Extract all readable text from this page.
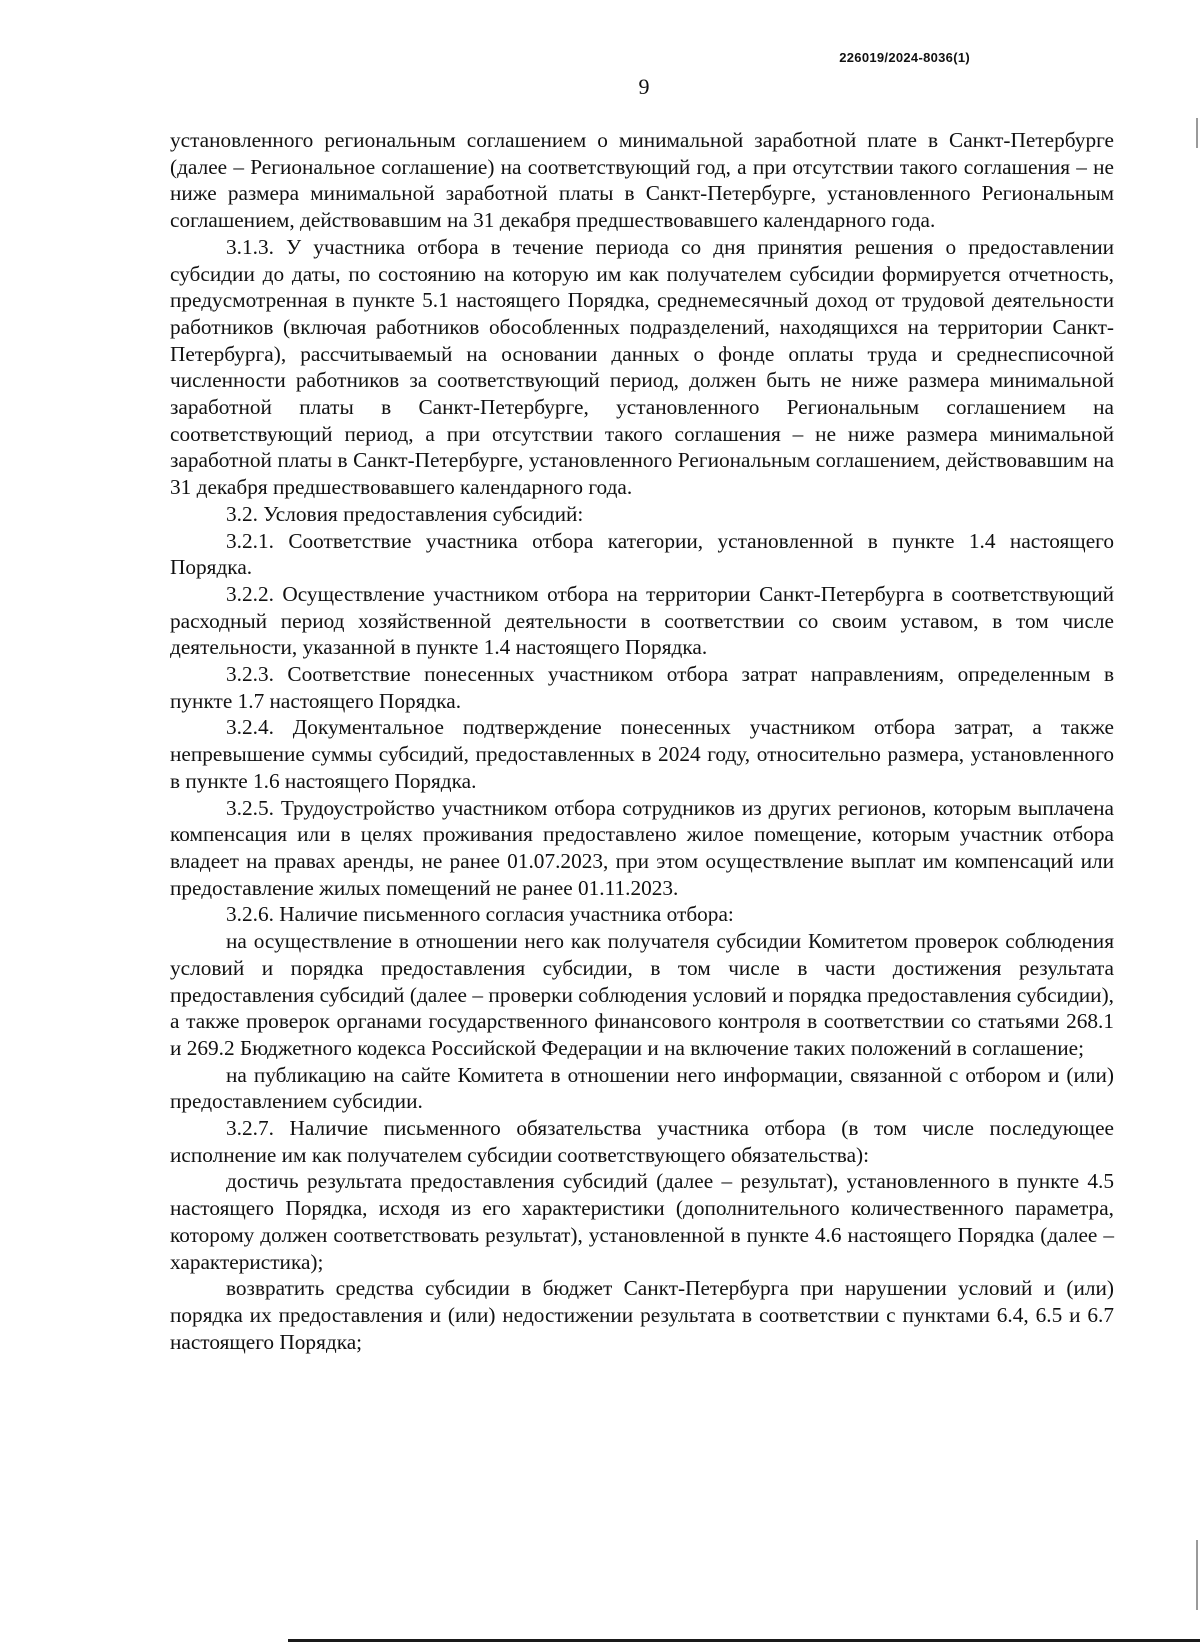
226019/2024-8036(1)
9

установленного региональным соглашением о минимальной заработной плате в Санкт-Петербурге (далее – Региональное соглашение) на соответствующий год, а при отсутствии такого соглашения – не ниже размера минимальной заработной платы в Санкт-Петербурге, установленного Региональным соглашением, действовавшим на 31 декабря предшествовавшего календарного года.

3.1.3. У участника отбора в течение периода со дня принятия решения о предоставлении субсидии до даты, по состоянию на которую им как получателем субсидии формируется отчетность, предусмотренная в пункте 5.1 настоящего Порядка, среднемесячный доход от трудовой деятельности работников (включая работников обособленных подразделений, находящихся на территории Санкт-Петербурга), рассчитываемый на основании данных о фонде оплаты труда и среднесписочной численности работников за соответствующий период, должен быть не ниже размера минимальной заработной платы в Санкт-Петербурге, установленного Региональным соглашением на соответствующий период, а при отсутствии такого соглашения – не ниже размера минимальной заработной платы в Санкт-Петербурге, установленного Региональным соглашением, действовавшим на 31 декабря предшествовавшего календарного года.

3.2. Условия предоставления субсидий:

3.2.1. Соответствие участника отбора категории, установленной в пункте 1.4 настоящего Порядка.

3.2.2. Осуществление участником отбора на территории Санкт-Петербурга в соответствующий расходный период хозяйственной деятельности в соответствии со своим уставом, в том числе деятельности, указанной в пункте 1.4 настоящего Порядка.

3.2.3. Соответствие понесенных участником отбора затрат направлениям, определенным в пункте 1.7 настоящего Порядка.

3.2.4. Документальное подтверждение понесенных участником отбора затрат, а также непревышение суммы субсидий, предоставленных в 2024 году, относительно размера, установленного в пункте 1.6 настоящего Порядка.

3.2.5. Трудоустройство участником отбора сотрудников из других регионов, которым выплачена компенсация или в целях проживания предоставлено жилое помещение, которым участник отбора владеет на правах аренды, не ранее 01.07.2023, при этом осуществление выплат им компенсаций или предоставление жилых помещений не ранее 01.11.2023.

3.2.6. Наличие письменного согласия участника отбора:

на осуществление в отношении него как получателя субсидии Комитетом проверок соблюдения условий и порядка предоставления субсидии, в том числе в части достижения результата предоставления субсидий (далее – проверки соблюдения условий и порядка предоставления субсидии), а также проверок органами государственного финансового контроля в соответствии со статьями 268.1 и 269.2 Бюджетного кодекса Российской Федерации и на включение таких положений в соглашение;

на публикацию на сайте Комитета в отношении него информации, связанной с отбором и (или) предоставлением субсидии.

3.2.7. Наличие письменного обязательства участника отбора (в том числе последующее исполнение им как получателем субсидии соответствующего обязательства):

достичь результата предоставления субсидий (далее – результат), установленного в пункте 4.5 настоящего Порядка, исходя из его характеристики (дополнительного количественного параметра, которому должен соответствовать результат), установленной в пункте 4.6 настоящего Порядка (далее – характеристика);

возвратить средства субсидии в бюджет Санкт-Петербурга при нарушении условий и (или) порядка их предоставления и (или) недостижении результата в соответствии с пунктами 6.4, 6.5 и 6.7 настоящего Порядка;
